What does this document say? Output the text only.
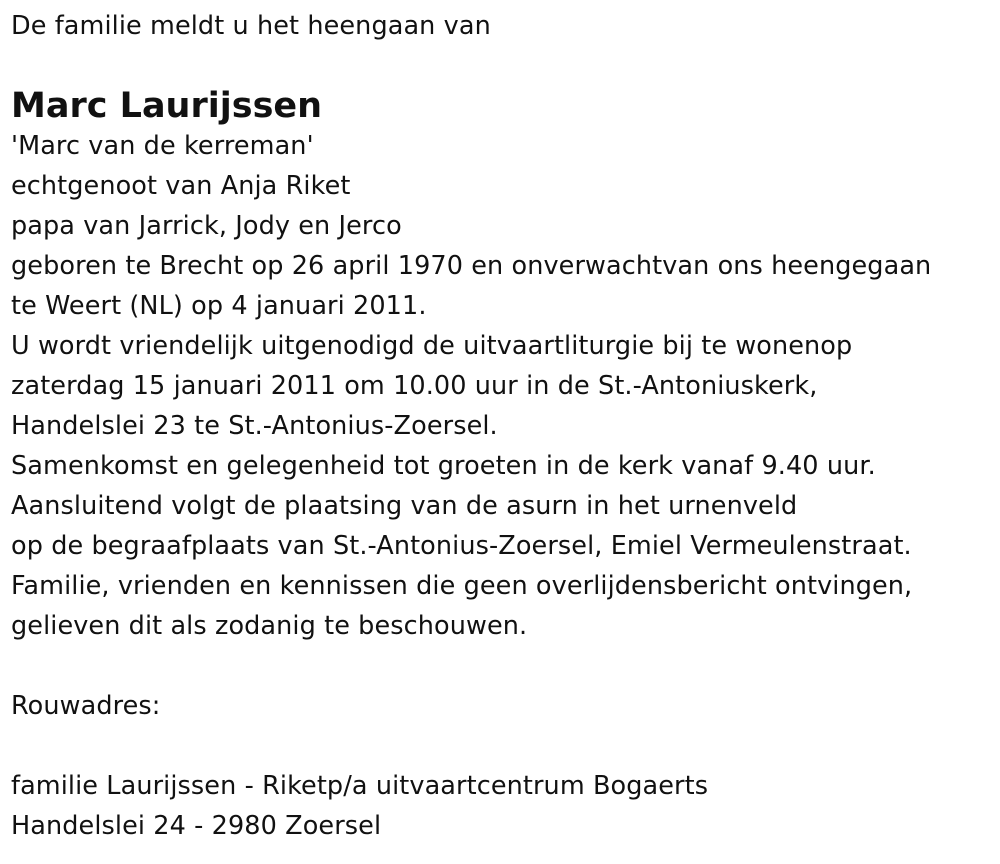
De familie meldt u het heengaan van
Marc Laurijssen
'Marc van de kerreman'
echtgenoot van Anja Riket
papa van Jarrick, Jody en Jerco
geboren te Brecht op 26 april 1970 en onverwachtvan ons heengegaan
te Weert (NL) op 4 januari 2011.
U wordt vriendelijk uitgenodigd de uitvaartliturgie bij te wonenop
zaterdag 15 januari 2011 om 10.00 uur in de St.-Antoniuskerk,
Handelslei 23 te St.-Antonius-Zoersel.
Samenkomst en gelegenheid tot groeten in de kerk vanaf 9.40 uur.
Aansluitend volgt de plaatsing van de asurn in het urnenveld
op de begraafplaats van St.-Antonius-Zoersel, Emiel Vermeulenstraat.
Familie, vrienden en kennissen die geen overlijdensbericht ontvingen,
gelieven dit als zodanig te beschouwen.
Rouwadres:
familie Laurijssen - Riketp/a uitvaartcentrum Bogaerts
Handelslei 24 - 2980 Zoersel
